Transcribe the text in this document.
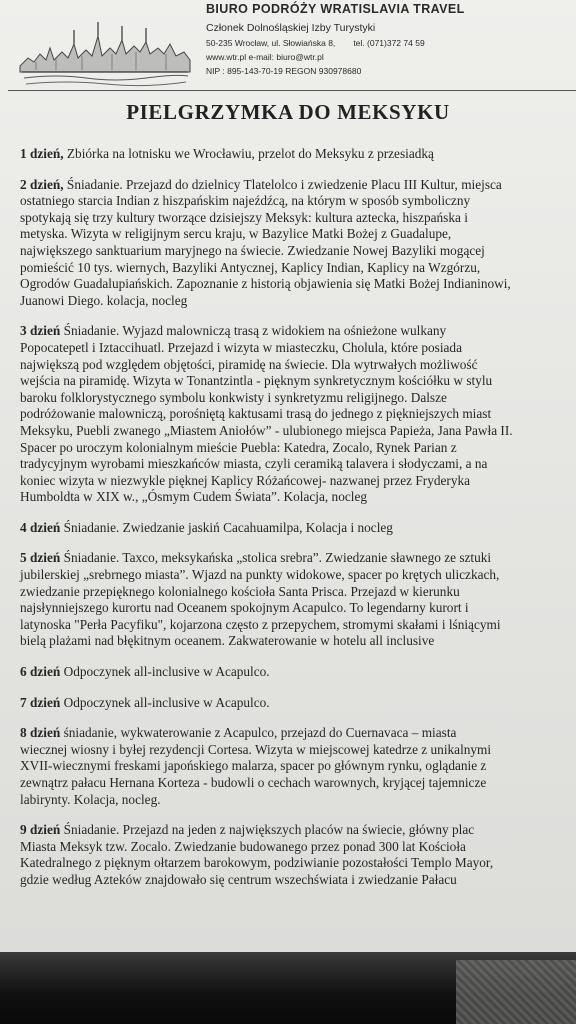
BIURO PODRÓŻY WRATISLAVIA TRAVEL
Członek Dolnośląskiej Izby Turystyki
50-235 Wrocław, ul. Słowiańska 8, tel. (071)372 74 59
www.wtr.pl e-mail: biuro@wtr.pl
NIP : 895-143-70-19 REGON 930978680
PIELGRZYMKA DO MEKSYKU
1 dzień, Zbiórka na lotnisku we Wrocławiu, przelot do Meksyku z przesiadką
2 dzień, Śniadanie. Przejazd do dzielnicy Tlatelolco i zwiedzenie Placu III Kultur, miejsca
ostatniego starcia Indian z hiszpańskim najeźdźcą, na którym w sposób symboliczny
spotykają się trzy kultury tworzące dzisiejszy Meksyk: kultura aztecka, hiszpańska i
metyska. Wizyta w religijnym sercu kraju, w Bazylice Matki Bożej z Guadalupe,
największego sanktuarium maryjnego na świecie. Zwiedzanie Nowej Bazyliki mogącej
pomieścić 10 tys. wiernych, Bazyliki Antycznej, Kaplicy Indian, Kaplicy na Wzgórzu,
Ogrodów Guadalupiańskich. Zapoznanie z historią objawienia się Matki Bożej Indianinowi,
Juanowi Diego. kolacja, nocleg
3 dzień Śniadanie. Wyjazd malowniczą trasą z widokiem na ośnieżone wulkany
Popocatepetl i Iztaccihuatl. Przejazd i wizyta w miasteczku, Cholula, które posiada
największą pod względem objętości, piramidę na świecie. Dla wytrwałych możliwość
wejścia na piramidę. Wizyta w Tonantzintla - pięknym synkretycznym kościółku w stylu
baroku folklorystycznego symbolu konkwisty i synkretyzmu religijnego. Dalsze
podróżowanie malowniczą, porośniętą kaktusami trasą do jednego z piękniejszych miast
Meksyku, Puebli zwanego „Miastem Aniołów” - ulubionego miejsca Papieża, Jana Pawła II.
Spacer po uroczym kolonialnym mieście Puebla: Katedra, Zocalo, Rynek Parian z
tradycyjnym wyrobami mieszkańców miasta, czyli ceramiką talavera i słodyczami, a na
koniec wizyta w niezwykle pięknej Kaplicy Różańcowej- nazwanej przez Fryderyka
Humboldta w XIX w., „Ósmym Cudem Świata”. Kolacja, nocleg
4 dzień Śniadanie. Zwiedzanie jaskiń Cacahuamilpa, Kolacja i nocleg
5 dzień Śniadanie. Taxco, meksykańska „stolica srebra”. Zwiedzanie sławnego ze sztuki
jubilerskiej „srebrnego miasta”. Wjazd na punkty widokowe, spacer po krętych uliczkach,
zwiedzanie przepięknego kolonialnego kościoła Santa Prisca. Przejazd w kierunku
najsłynniejszego kurortu nad Oceanem spokojnym Acapulco. To legendarny kurort i
latynoska "Perła Pacyfiku", kojarzona często z przepychem, stromymi skałami i lśniącymi
bielą plażami nad błękitnym oceanem. Zakwaterowanie w hotelu all inclusive
6 dzień Odpoczynek all-inclusive w Acapulco.
7 dzień Odpoczynek all-inclusive w Acapulco.
8 dzień śniadanie, wykwaterowanie z Acapulco, przejazd do Cuernavaca – miasta
wiecznej wiosny i byłej rezydencji Cortesa. Wizyta w miejscowej katedrze z unikalnymi
XVII-wiecznymi freskami japońskiego malarza, spacer po głównym rynku, oglądanie z
zewnątrz pałacu Hernana Korteza - budowli o cechach warownych, kryjącej tajemnicze
labirynty. Kolacja, nocleg.
9 dzień Śniadanie. Przejazd na jeden z największych placów na świecie, główny plac
Miasta Meksyk tzw. Zocalo. Zwiedzanie budowanego przez ponad 300 lat Kościoła
Katedralnego z pięknym ołtarzem barokowym, podziwianie pozostałości Templo Mayor,
gdzie według Azteków znajdowało się centrum wszechświata i zwiedzanie Pałacu
